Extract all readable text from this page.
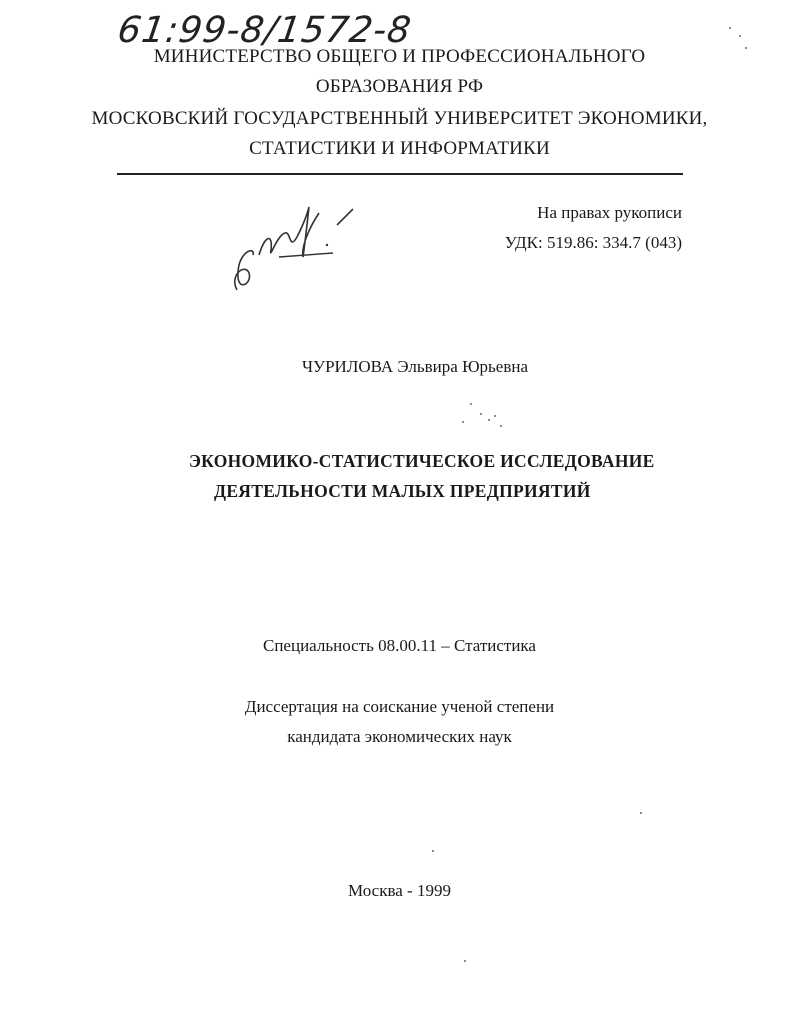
61:99-8/1572-8
МИНИСТЕРСТВО ОБЩЕГО И ПРОФЕССИОНАЛЬНОГО
ОБРАЗОВАНИЯ РФ
МОСКОВСКИЙ ГОСУДАРСТВЕННЫЙ УНИВЕРСИТЕТ ЭКОНОМИКИ,
СТАТИСТИКИ И ИНФОРМАТИКИ
На правах рукописи
УДК: 519.86: 334.7 (043)
ЧУРИЛОВА Эльвира Юрьевна
ЭКОНОМИКО-СТАТИСТИЧЕСКОЕ ИССЛЕДОВАНИЕ
ДЕЯТЕЛЬНОСТИ МАЛЫХ ПРЕДПРИЯТИЙ
Специальность 08.00.11 – Статистика
Диссертация на соискание ученой степени
кандидата экономических наук
Москва - 1999
